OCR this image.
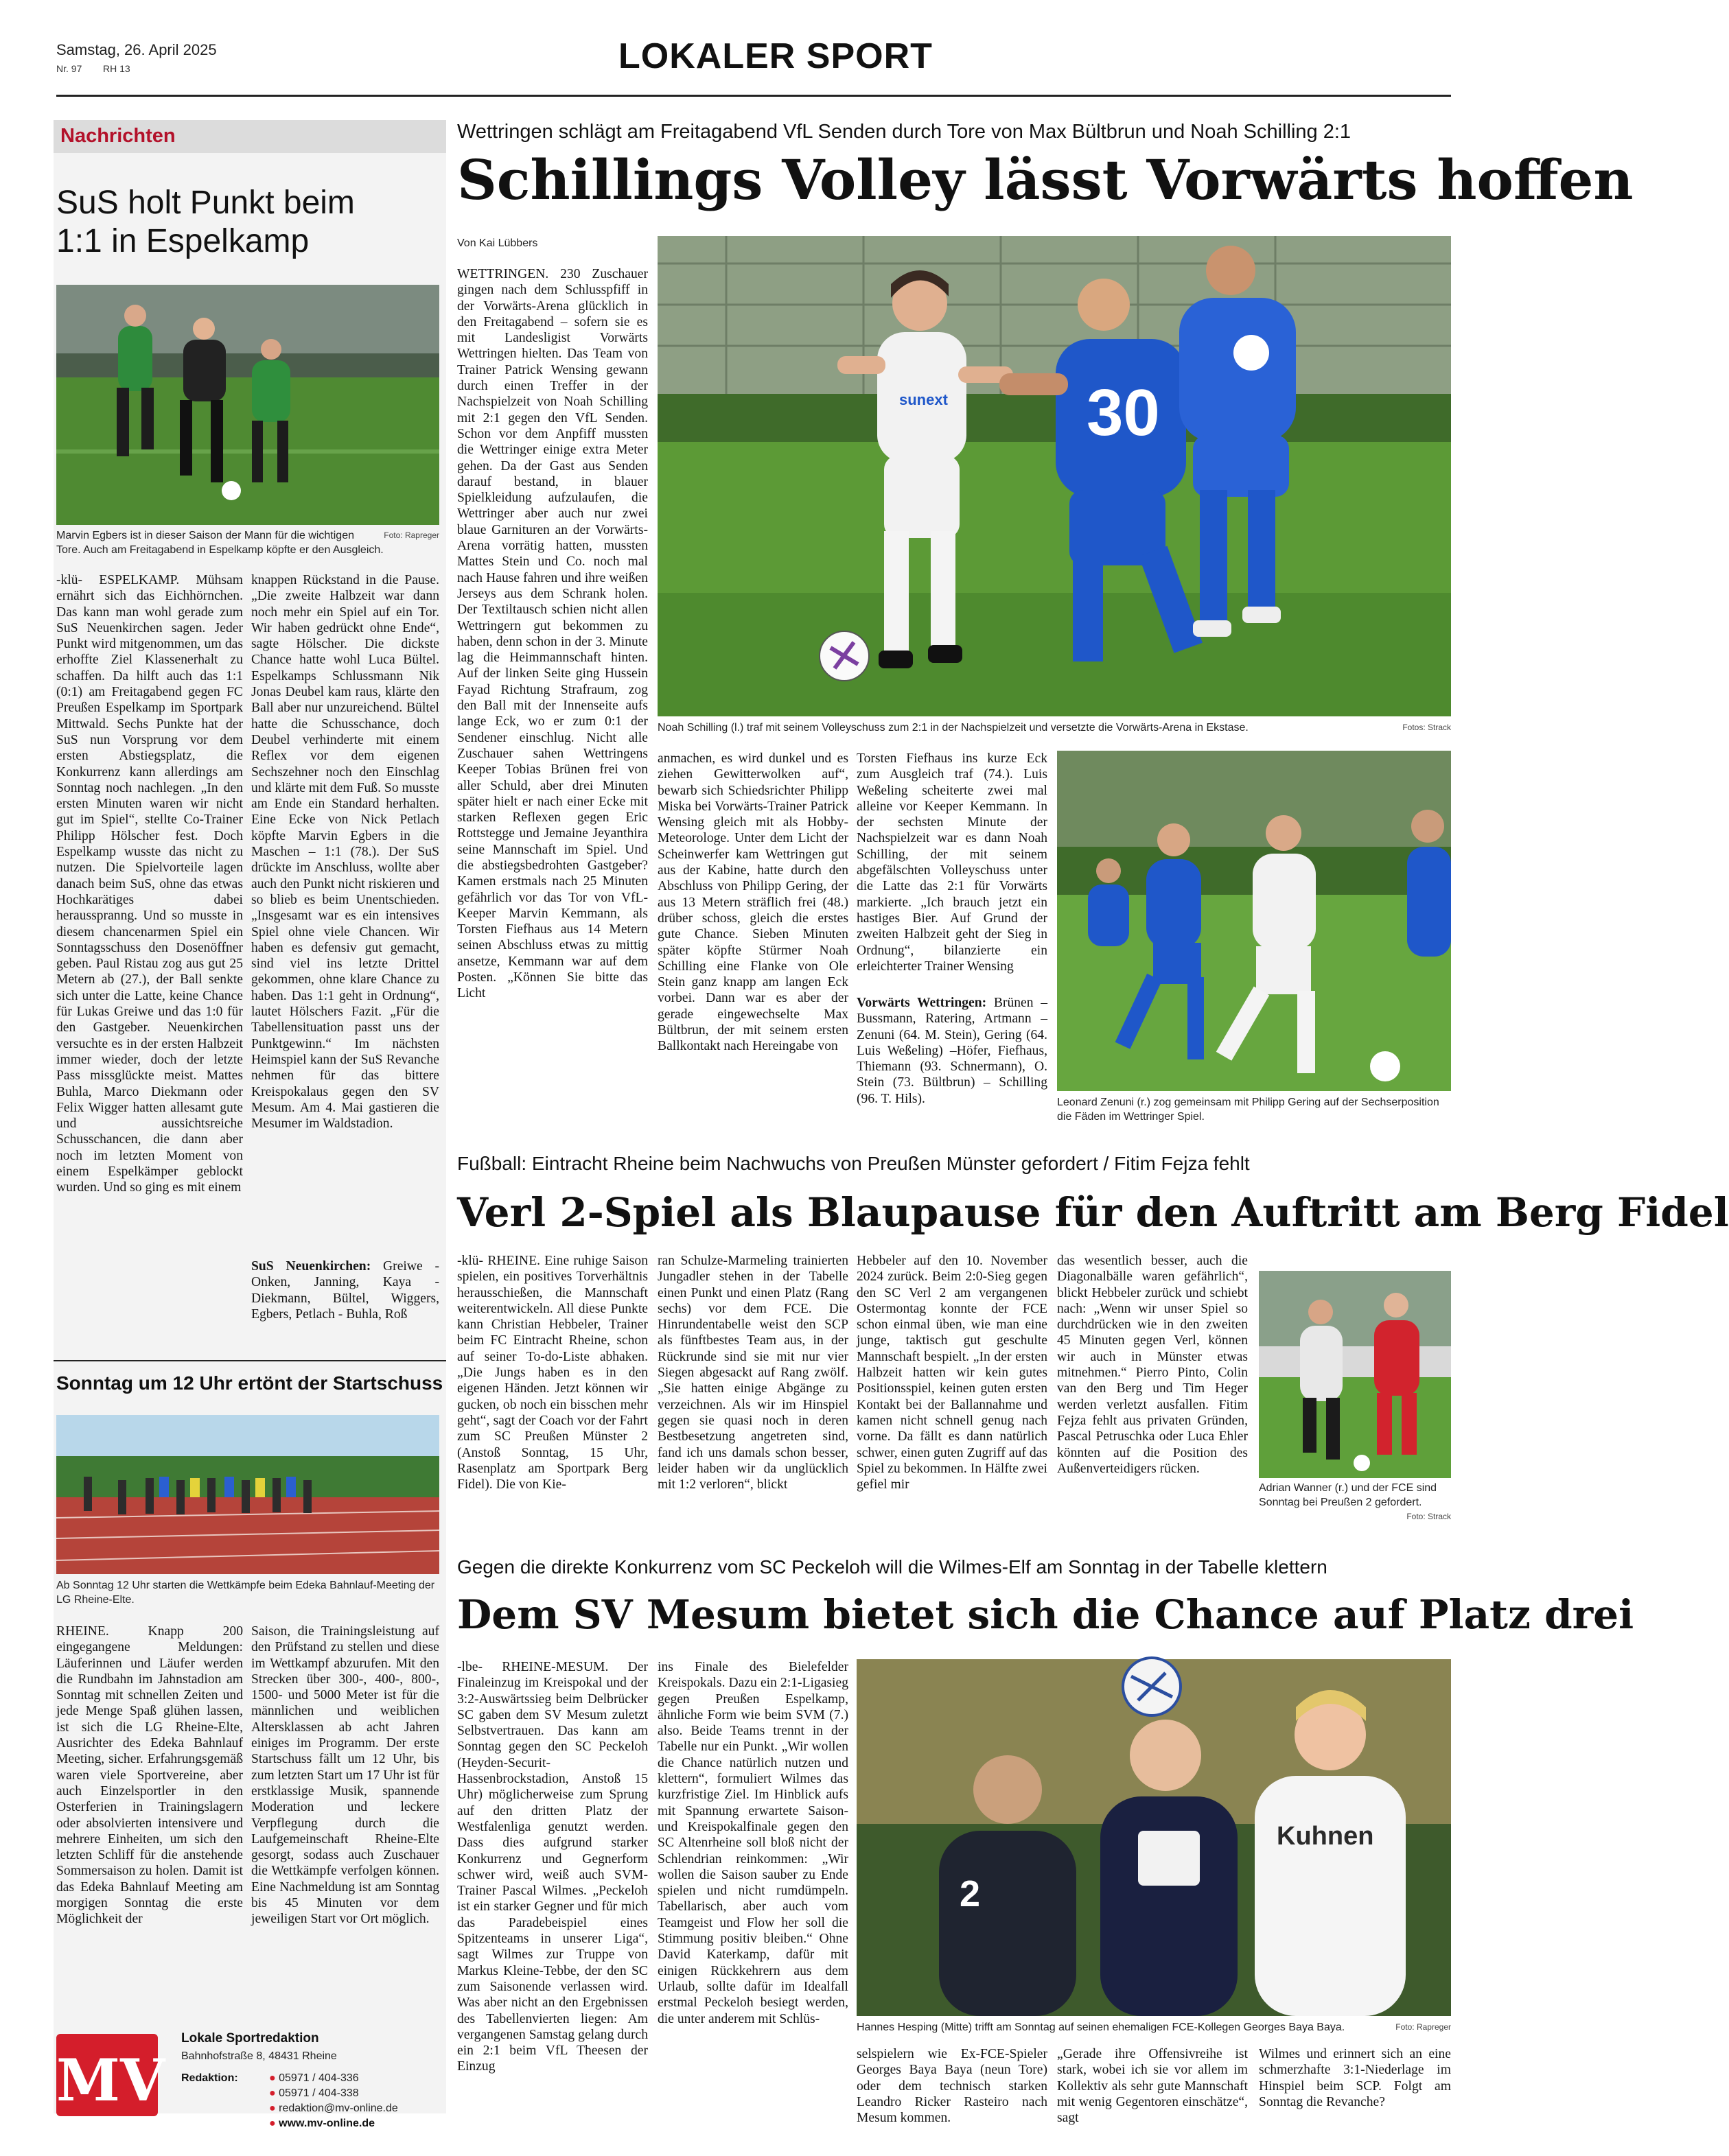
Samstag, 26. April 2025
Nr. 97 RH 13	LOKALER SPORT
Nachrichten
SuS holt Punkt beim
1:1 in Espelkamp
Foto: Rapreger
Marvin Egbers ist in dieser Saison der Mann für die wichtigen Tore. Auch am Freitagabend in Espelkamp köpfte er den Ausgleich.
-klü- ESPELKAMP. Mühsam ernährt sich das Eichhörnchen. Das kann man wohl gerade zum SuS Neuenkirchen sagen. Jeder Punkt wird mitgenommen, um das erhoffte Ziel Klassenerhalt zu schaffen. Da hilft auch das 1:1 (0:1) am Freitagabend gegen FC Preußen Espelkamp im Sportpark Mittwald. Sechs Punkte hat der SuS nun Vorsprung vor dem ersten Abstiegsplatz, die Konkurrenz kann allerdings am Sonntag noch nachlegen. „In den ersten Minuten waren wir nicht gut im Spiel“, stellte Co-Trainer Philipp Hölscher fest. Doch Espelkamp wusste das nicht zu nutzen. Die Spielvorteile lagen danach beim SuS, ohne das etwas Hochkarätiges dabei herausspranng. Und so musste in diesem chancenarmen Spiel ein Sonntagsschuss den Dosenöffner geben. Paul Ristau zog aus gut 25 Metern ab (27.), der Ball senkte sich unter die Latte, keine Chance für Lukas Greiwe und das 1:0 für den Gastgeber. Neuenkirchen versuchte es in der ersten Halbzeit immer wieder, doch der letzte Pass missglückte meist. Mattes Buhla, Marco Diekmann oder Felix Wigger hatten allesamt gute und aussichtsreiche Schusschancen, die dann aber noch im letzten Moment von einem Espelkämper geblockt wurden. Und so ging es mit einem
knappen Rückstand in die Pause. „Die zweite Halbzeit war dann noch mehr ein Spiel auf ein Tor. Wir haben gedrückt ohne Ende“, sagte Hölscher. Die dickste Chance hatte wohl Luca Bültel. Espelkamps Schlussmann Nik Jonas Deubel kam raus, klärte den Ball aber nur unzureichend. Bültel hatte die Schusschance, doch Deubel verhinderte mit einem Reflex vor dem eigenen Sechszehner noch den Einschlag und klärte mit dem Fuß. So musste am Ende ein Standard herhalten. Eine Ecke von Nick Petlach köpfte Marvin Egbers in die Maschen – 1:1 (78.). Der SuS drückte im Anschluss, wollte aber auch den Punkt nicht riskieren und so blieb es beim Unentschieden. „Insgesamt war es ein intensives Spiel ohne viele Chancen. Wir haben es defensiv gut gemacht, sind viel ins letzte Drittel gekommen, ohne klare Chance zu haben. Das 1:1 geht in Ordnung“, lautet Hölschers Fazit. „Für die Tabellensituation passt uns der Punktgewinn.“ Im nächsten Heimspiel kann der SuS Revanche nehmen für das bittere Kreispokalaus gegen den SV Mesum. Am 4. Mai gastieren die Mesumer im Waldstadion.
SuS Neuenkirchen: Greiwe - Onken, Janning, Kaya - Diekmann, Bültel, Wiggers, Egbers, Petlach - Buhla, Roß
Sonntag um 12 Uhr ertönt der Startschuss
Ab Sonntag 12 Uhr starten die Wettkämpfe beim Edeka Bahnlauf-Meeting der LG Rheine-Elte.
RHEINE. Knapp 200 eingegangene Meldungen: Läuferinnen und Läufer werden die Rundbahn im Jahnstadion am Sonntag mit schnellen Zeiten und jede Menge Spaß glühen lassen, ist sich die LG Rheine-Elte, Ausrichter des Edeka Bahnlauf Meeting, sicher. Erfahrungsgemäß waren viele Sportvereine, aber auch Einzelsportler in den Osterferien in Trainingslagern oder absolvierten intensivere und mehrere Einheiten, um sich den letzten Schliff für die anstehende Sommersaison zu holen. Damit ist das Edeka Bahnlauf Meeting am morgigen Sonntag die erste Möglichkeit der
Saison, die Trainingsleistung auf den Prüfstand zu stellen und diese im Wettkampf abzurufen. Mit den Strecken über 300-, 400-, 800-, 1500- und 5000 Meter ist für die männlichen und weiblichen Altersklassen ab acht Jahren einiges im Programm. Der erste Startschuss fällt um 12 Uhr, bis zum letzten Start um 17 Uhr ist für erstklassige Musik, spannende Moderation und leckere Verpflegung durch die Laufgemeinschaft Rheine-Elte gesorgt, sodass auch Zuschauer die Wettkämpfe verfolgen können. Eine Nachmeldung ist am Sonntag bis 45 Minuten vor dem jeweiligen Start vor Ort möglich.
MV
Lokale Sportredaktion
Bahnhofstraße 8, 48431 Rheine
Redaktion:	● 05971 / 404-336
● 05971 / 404-338
● redaktion@mv-online.de
● www.mv-online.de
Wettringen schlägt am Freitagabend VfL Senden durch Tore von Max Bültbrun und Noah Schilling 2:1
Schillings Volley lässt Vorwärts hoffen
Von Kai Lübbers
WETTRINGEN. 230 Zuschauer gingen nach dem Schlusspfiff in der Vorwärts-Arena glücklich in den Freitagabend – sofern sie es mit Landesligist Vorwärts Wettringen hielten. Das Team von Trainer Patrick Wensing gewann durch einen Treffer in der Nachspielzeit von Noah Schilling mit 2:1 gegen den VfL Senden. Schon vor dem Anpfiff mussten die Wettringer einige extra Meter gehen. Da der Gast aus Senden darauf bestand, in blauer Spielkleidung aufzulaufen, die Wettringer aber auch nur zwei blaue Garnituren an der Vorwärts-Arena vorrätig hatten, mussten Mattes Stein und Co. noch mal nach Hause fahren und ihre weißen Jerseys aus dem Schrank holen. Der Textiltausch schien nicht allen Wettringern gut bekommen zu haben, denn schon in der 3. Minute lag die Heimmannschaft hinten. Auf der linken Seite ging Hussein Fayad Richtung Strafraum, zog den Ball mit der Innenseite aufs lange Eck, wo er zum 0:1 der Sendener einschlug. Nicht alle Zuschauer sahen Wettringens Keeper Tobias Brünen frei von aller Schuld, aber drei Minuten später hielt er nach einer Ecke mit starken Reflexen gegen Eric Rottstegge und Jemaine Jeyanthira seine Mannschaft im Spiel. Und die abstiegsbedrohten Gastgeber? Kamen erstmals nach 25 Minuten gefährlich vor das Tor von VfL-Keeper Marvin Kemmann, als Torsten Fiefhaus aus 14 Metern seinen Abschluss etwas zu mittig ansetze, Kemmann war auf dem Posten. „Können Sie bitte das Licht
sunext 30
Fotos: Strack
Noah Schilling (l.) traf mit seinem Volleyschuss zum 2:1 in der Nachspielzeit und versetzte die Vorwärts-Arena in Ekstase.
anmachen, es wird dunkel und es ziehen Gewitterwolken auf“, bewarb sich Schiedsrichter Philipp Miska bei Vorwärts-Trainer Patrick Wensing gleich mit als Hobby-Meteorologe. Unter dem Licht der Scheinwerfer kam Wettringen gut aus der Kabine, hatte durch den Abschluss von Philipp Gering, der aus 13 Metern sträflich frei (48.) drüber schoss, gleich die erstes gute Chance. Sieben Minuten später köpfte Stürmer Noah Schilling eine Flanke von Ole Stein ganz knapp am langen Eck vorbei. Dann war es aber der gerade eingewechselte Max Bültbrun, der mit seinem ersten Ballkontakt nach Hereingabe von
Torsten Fiefhaus ins kurze Eck zum Ausgleich traf (74.). Luis Weßeling scheiterte zwei mal alleine vor Keeper Kemmann. In der sechsten Minute der Nachspielzeit war es dann Noah Schilling, der mit seinem abgefälschten Volleyschuss unter die Latte das 2:1 für Vorwärts markierte. „Ich brauch jetzt ein hastiges Bier. Auf Grund der zweiten Halbzeit geht der Sieg in Ordnung“, bilanzierte ein erleichterter Trainer Wensing
Vorwärts Wettringen: Brünen – Bussmann, Ratering, Artmann – Zenuni (64. M. Stein), Gering (64. Luis Weßeling) –Höfer, Fiefhaus, Thiemann (93. Schnermann), O. Stein (73. Bültbrun) – Schilling (96. T. Hils).	Leonard Zenuni (r.) zog gemeinsam mit Philipp Gering auf der Sechserposition die Fäden im Wettringer Spiel.
Fußball: Eintracht Rheine beim Nachwuchs von Preußen Münster gefordert / Fitim Fejza fehlt
Verl 2-Spiel als Blaupause für den Auftritt am Berg Fidel
-klü- RHEINE. Eine ruhige Saison spielen, ein positives Torverhältnis herausschießen, die Mannschaft weiterentwickeln. All diese Punkte kann Christian Hebbeler, Trainer beim FC Eintracht Rheine, schon auf seiner To-do-Liste abhaken. „Die Jungs haben es in den eigenen Händen. Jetzt können wir gucken, ob noch ein bisschen mehr geht“, sagt der Coach vor der Fahrt zum SC Preußen Münster 2 (Anstoß Sonntag, 15 Uhr, Rasenplatz am Sportpark Berg Fidel). Die von Kie-
ran Schulze-Marmeling trainierten Jungadler stehen in der Tabelle einen Punkt und einen Platz (Rang sechs) vor dem FCE. Die Hinrundentabelle weist den SCP als fünftbestes Team aus, in der Rückrunde sind sie mit nur vier Siegen abgesackt auf Rang zwölf. „Sie hatten einige Abgänge zu verzeichnen. Als wir im Hinspiel gegen sie quasi noch in deren Bestbesetzung angetreten sind, fand ich uns damals schon besser, leider haben wir da unglücklich mit 1:2 verloren“, blickt
Hebbeler auf den 10. November 2024 zurück. Beim 2:0-Sieg gegen den SC Verl 2 am vergangenen Ostermontag konnte der FCE schon einmal üben, wie man eine junge, taktisch gut geschulte Mannschaft bespielt. „In der ersten Halbzeit hatten wir kein gutes Positionsspiel, keinen guten ersten Kontakt bei der Ballannahme und kamen nicht schnell genug nach vorne. Da fällt es dann natürlich schwer, einen guten Zugriff auf das Spiel zu bekommen. In Hälfte zwei gefiel mir
das wesentlich besser, auch die Diagonalbälle waren gefährlich“, blickt Hebbeler zurück und schiebt nach: „Wenn wir unser Spiel so durchdrücken wie in den zweiten 45 Minuten gegen Verl, können wir auch in Münster etwas mitnehmen.“ Pierro Pinto, Colin van den Berg und Tim Heger werden verletzt ausfallen. Fitim Fejza fehlt aus privaten Gründen, Pascal Petruschka oder Luca Ehler könnten auf die Position des Außenverteidigers rücken.
Adrian Wanner (r.) und der FCE sind Sonntag bei Preußen 2 gefordert.
Foto: Strack
Gegen die direkte Konkurrenz vom SC Peckeloh will die Wilmes-Elf am Sonntag in der Tabelle klettern
Dem SV Mesum bietet sich die Chance auf Platz drei
-lbe- RHEINE-MESUM. Der Finaleinzug im Kreispokal und der 3:2-Auswärtssieg beim Delbrücker SC gaben dem SV Mesum zuletzt Selbstvertrauen. Das kann am Sonntag gegen den SC Peckeloh (Heyden-Securit-Hassenbrockstadion, Anstoß 15 Uhr) möglicherweise zum Sprung auf den dritten Platz der Westfalenliga genutzt werden. Dass dies aufgrund starker Konkurrenz und Gegnerform schwer wird, weiß auch SVM-Trainer Pascal Wilmes. „Peckeloh ist ein starker Gegner und für mich das Paradebeispiel eines Spitzenteams in unserer Liga“, sagt Wilmes zur Truppe von Markus Kleine-Tebbe, der den SC zum Saisonende verlassen wird. Was aber nicht an den Ergebnissen des Tabellenvierten liegen: Am vergangenen Samstag gelang durch ein 2:1 beim VfL Theesen der Einzug
ins Finale des Bielefelder Kreispokals. Dazu ein 2:1-Ligasieg gegen Preußen Espelkamp, ähnliche Form wie beim SVM (7.) also. Beide Teams trennt in der Tabelle nur ein Punkt. „Wir wollen die Chance natürlich nutzen und klettern“, formuliert Wilmes das kurzfristige Ziel. Im Hinblick aufs mit Spannung erwartete Saison- und Kreispokalfinale gegen den SC Altenrheine soll bloß nicht der Schlendrian reinkommen: „Wir wollen die Saison sauber zu Ende spielen und nicht rumdümpeln. Tabellarisch, aber auch vom Teamgeist und Flow her soll die Stimmung positiv bleiben.“ Ohne David Katerkamp, dafür mit einigen Rückkehrern aus dem Urlaub, sollte dafür im Idealfall erstmal Peckeloh besiegt werden, die unter anderem mit Schlüs-
2
Kuhnen
Foto: Rapreger
Hannes Hesping (Mitte) trifft am Sonntag auf seinen ehemaligen FCE-Kollegen Georges Baya Baya.
selspielern wie Ex-FCE-Spieler Georges Baya Baya (neun Tore) oder dem technisch starken Leandro Ricker Rasteiro nach Mesum kommen.
„Gerade ihre Offensivreihe ist stark, wobei ich sie vor allem im Kollektiv als sehr gute Mannschaft mit wenig Gegentoren einschätze“, sagt
Wilmes und erinnert sich an eine schmerzhafte 3:1-Niederlage im Hinspiel beim SCP. Folgt am Sonntag die Revanche?
